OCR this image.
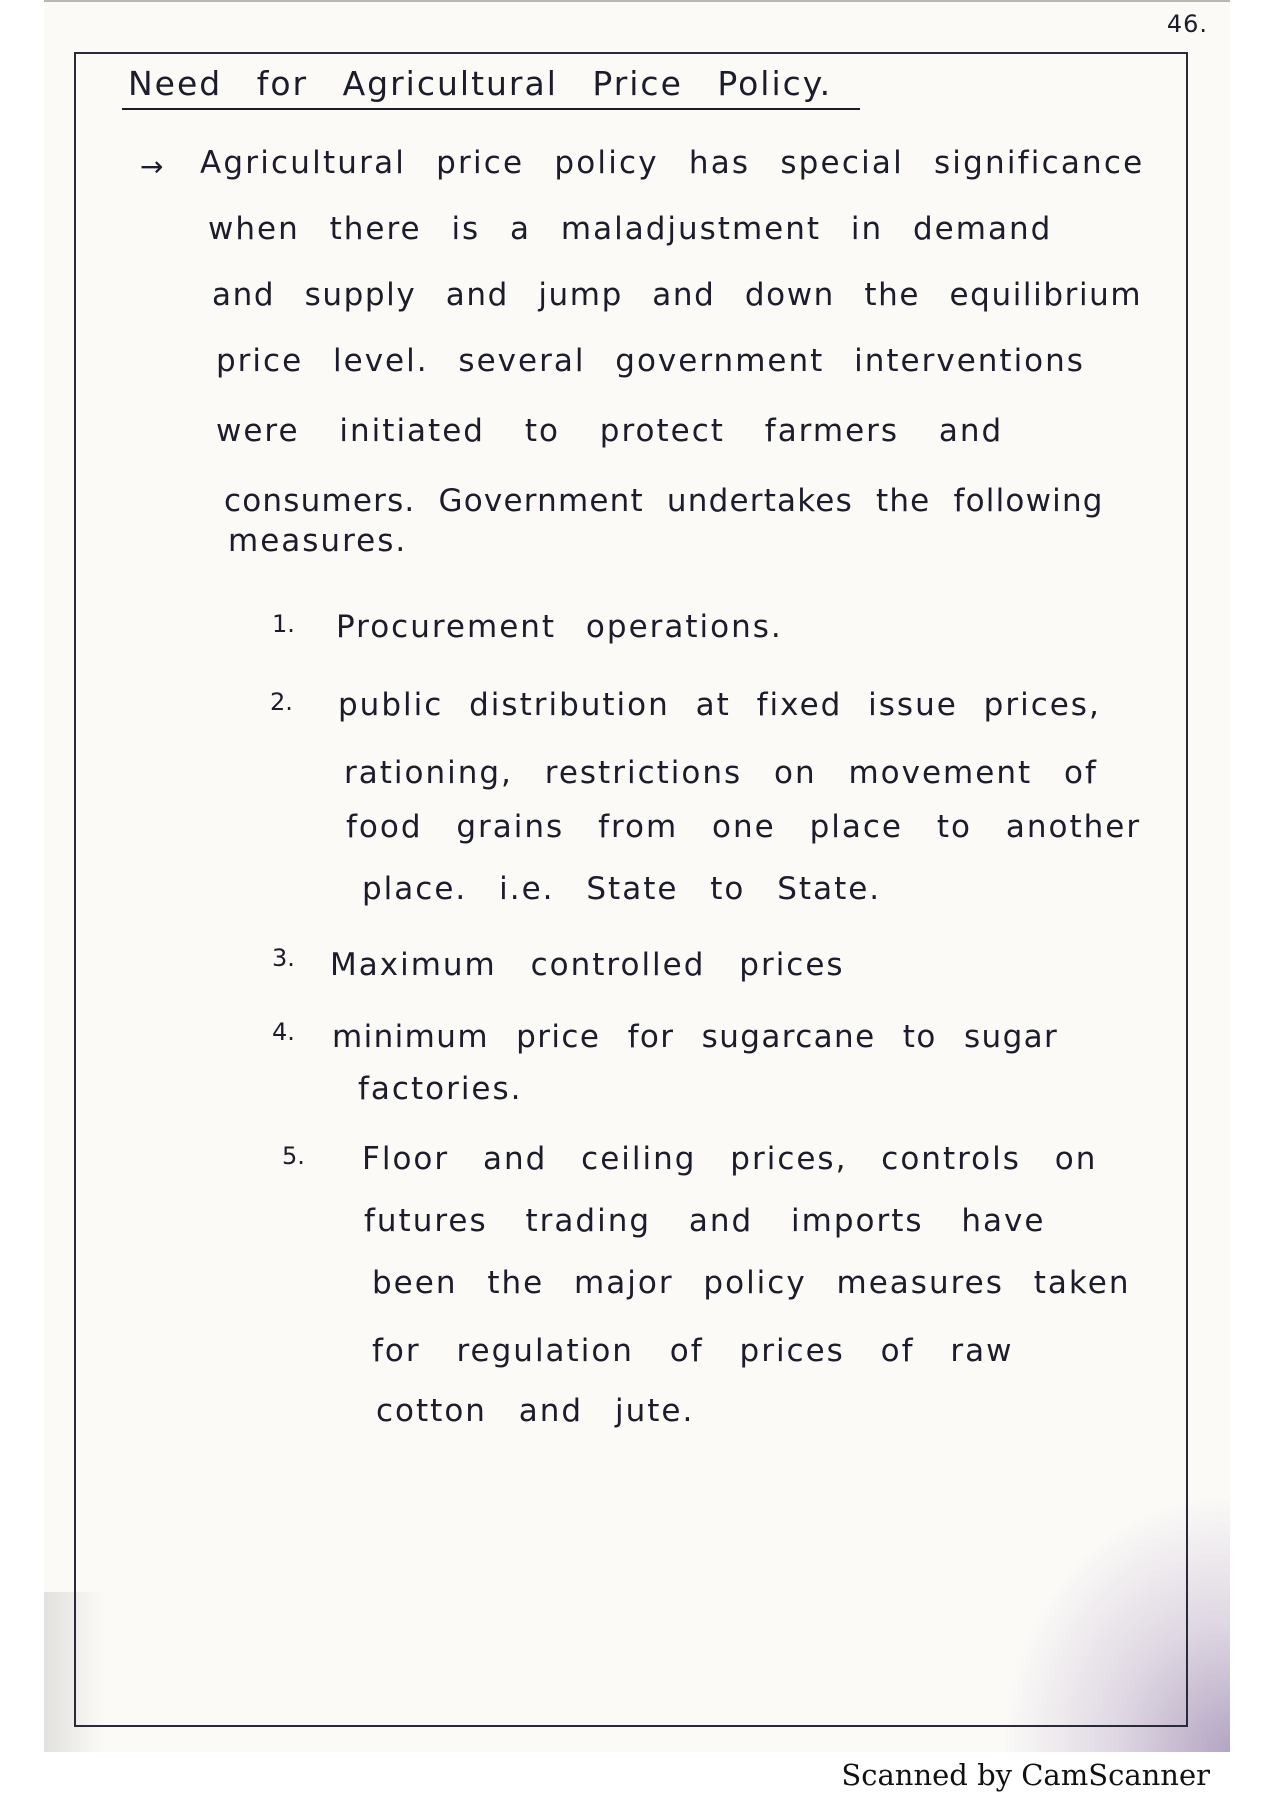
46.
Need for Agricultural Price Policy.
→ Agricultural price policy has special significance
when there is a maladjustment in demand
and supply and jump and down the equilibrium
price level. several government interventions
were initiated to protect farmers and
consumers. Government undertakes the following
measures.
1. Procurement operations.
2. public distribution at fixed issue prices,
rationing, restrictions on movement of
food grains from one place to another
place. i.e. State to State.
3. Maximum controlled prices
4. minimum price for sugarcane to sugar
factories.
5. Floor and ceiling prices, controls on
futures trading and imports have
been the major policy measures taken
for regulation of prices of raw
cotton and jute.
Scanned by CamScanner
